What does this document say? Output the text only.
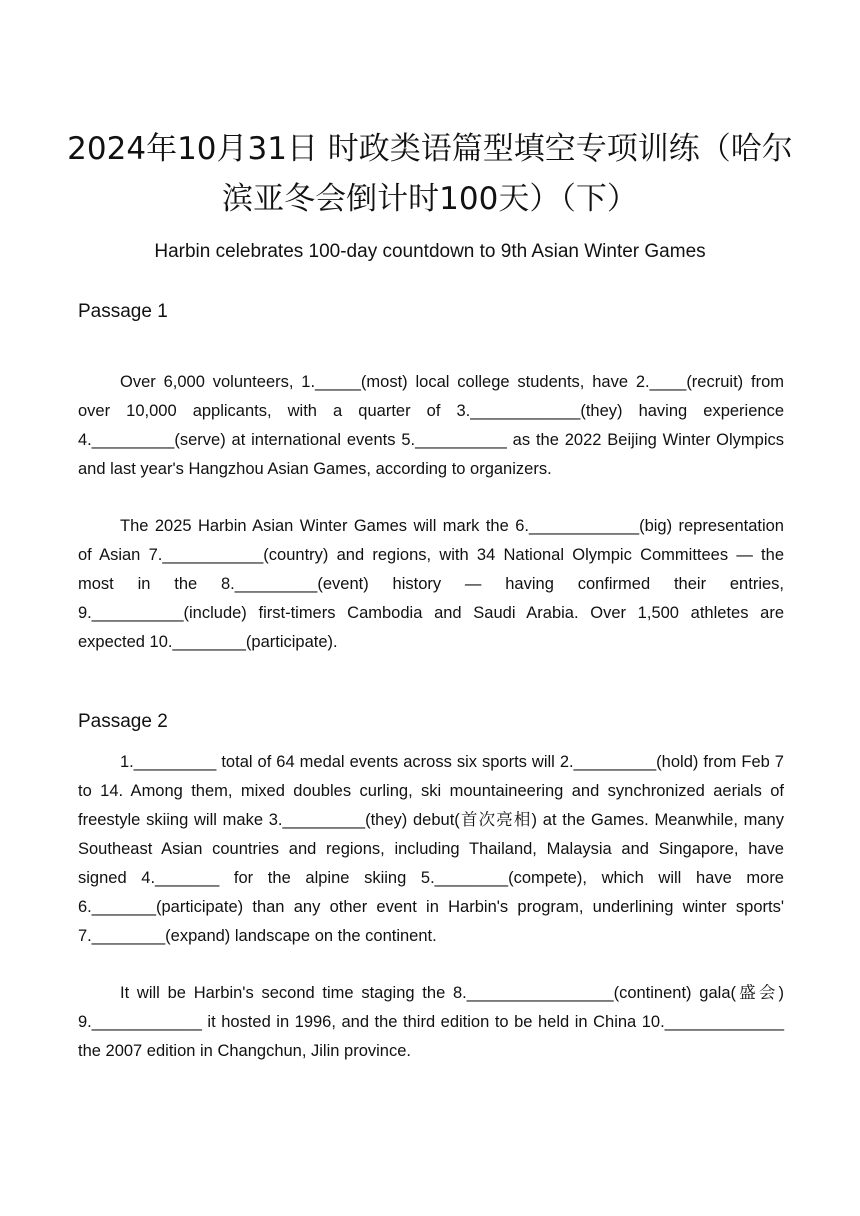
2024年10月31日 时政类语篇型填空专项训练（哈尔滨亚冬会倒计时100天）（下）

Harbin celebrates 100-day countdown to 9th Asian Winter Games

Passage 1

Over 6,000 volunteers, 1._____(most) local college students, have 2.____(recruit) from over 10,000 applicants, with a quarter of 3.____________(they) having experience 4._________(serve) at international events 5.__________ as the 2022 Beijing Winter Olympics and last year's Hangzhou Asian Games, according to organizers.

The 2025 Harbin Asian Winter Games will mark the 6.____________(big) representation of Asian 7.___________(country) and regions, with 34 National Olympic Committees — the most in the 8._________(event) history — having confirmed their entries, 9.__________(include) first-timers Cambodia and Saudi Arabia. Over 1,500 athletes are expected 10.________(participate).

Passage 2

1._________ total of 64 medal events across six sports will 2._________(hold) from Feb 7 to 14. Among them, mixed doubles curling, ski mountaineering and synchronized aerials of freestyle skiing will make 3._________(they) debut(首次亮相) at the Games. Meanwhile, many Southeast Asian countries and regions, including Thailand, Malaysia and Singapore, have signed 4._______ for the alpine skiing 5.________(compete), which will have more 6._______(participate) than any other event in Harbin's program, underlining winter sports' 7.________(expand) landscape on the continent.

It will be Harbin's second time staging the 8.________________(continent) gala(盛会) 9.____________ it hosted in 1996, and the third edition to be held in China 10._____________ the 2007 edition in Changchun, Jilin province.
